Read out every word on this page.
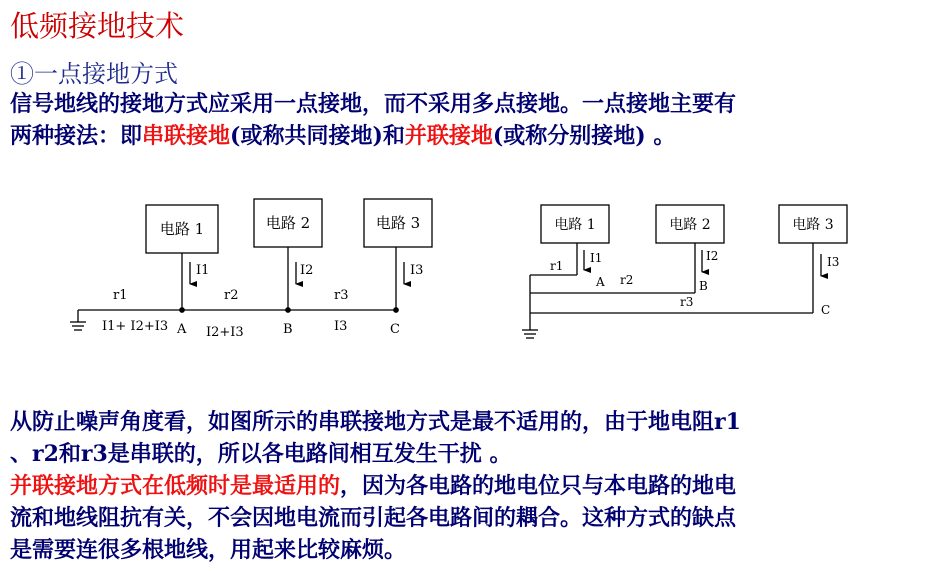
低频接地技术
①一点接地方式
信号地线的接地方式应采用一点接地，而不采用多点接地。一点接地主要有
两种接法：即串联接地(或称共同接地)和并联接地(或称分别接地) 。
电路 1	电路 2	电路 3
I1	I2	I3
r1	r2	r3
A	B	C
I1+ I2+I3	I2+I3	I3
电路 1	电路 2	电路 3
I1	I2	I3
r1
r2
r3
A	B
C
从防止噪声角度看，如图所示的串联接地方式是最不适用的，由于地电阻r1
、r2和r3是串联的，所以各电路间相互发生干扰 。
并联接地方式在低频时是最适用的，因为各电路的地电位只与本电路的地电
流和地线阻抗有关，不会因地电流而引起各电路间的耦合。这种方式的缺点
是需要连很多根地线，用起来比较麻烦。
